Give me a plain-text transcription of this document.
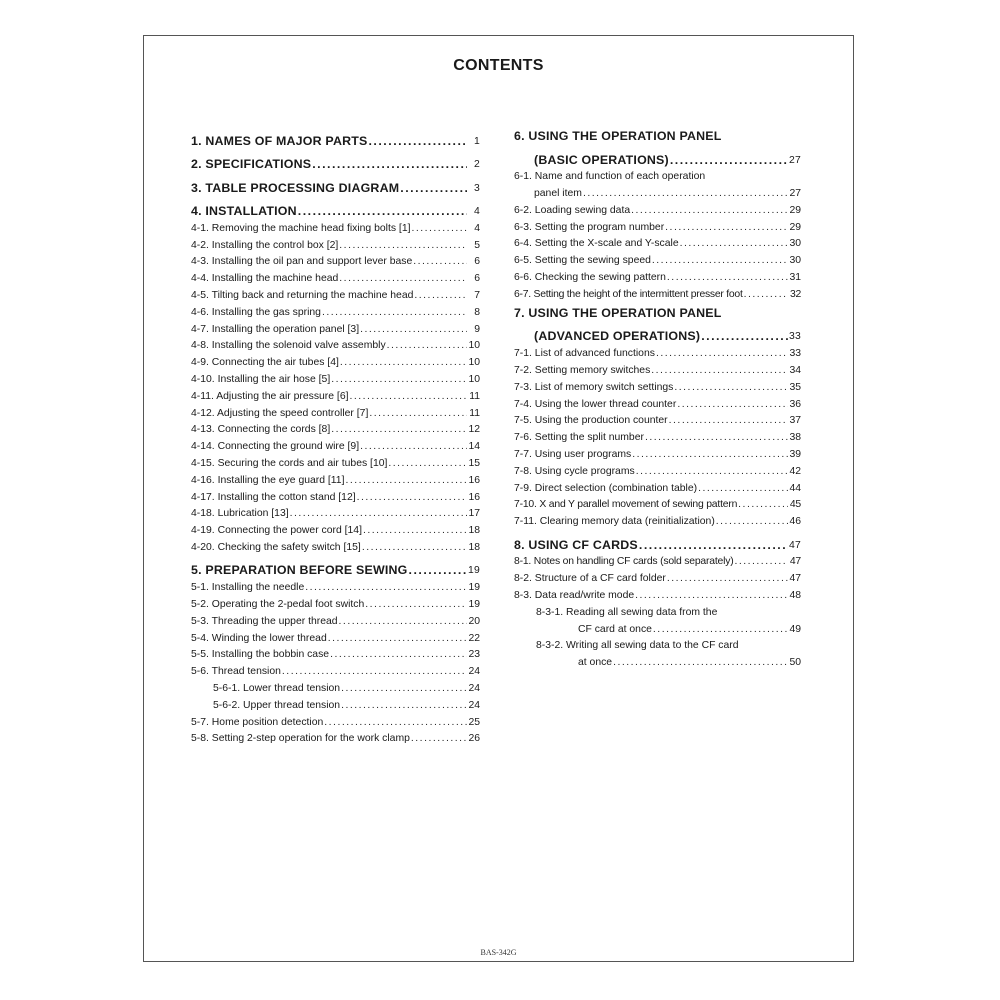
CONTENTS
1. NAMES OF MAJOR PARTS .....	1
2. SPECIFICATIONS .....	2
3. TABLE PROCESSING DIAGRAM .....	3
4. INSTALLATION .....	4
4-1. Removing the machine head fixing bolts [1] .....	4
4-2. Installing the control box [2] .....	5
4-3. Installing the oil pan and support lever base .....	6
4-4. Installing the machine head .....	6
4-5. Tilting back and returning the machine head .....	7
4-6. Installing the gas spring .....	8
4-7. Installing the operation panel [3] .....	9
4-8. Installing the solenoid valve assembly .....	10
4-9. Connecting the air tubes [4] .....	10
4-10. Installing the air hose [5] .....	10
4-11. Adjusting the air pressure [6] .....	11
4-12. Adjusting the speed controller [7] .....	11
4-13. Connecting the cords [8] .....	12
4-14. Connecting the ground wire [9] .....	14
4-15. Securing the cords and air tubes [10] .....	15
4-16. Installing the eye guard [11] .....	16
4-17. Installing the cotton stand [12] .....	16
4-18. Lubrication [13] .....	17
4-19. Connecting the power cord [14] .....	18
4-20. Checking the safety switch [15] .....	18
5. PREPARATION BEFORE SEWING .....	19
5-1. Installing the needle .....	19
5-2. Operating the 2-pedal foot switch .....	19
5-3. Threading the upper thread .....	20
5-4. Winding the lower thread .....	22
5-5. Installing the bobbin case .....	23
5-6. Thread tension .....	24
5-6-1. Lower thread tension .....	24
5-6-2. Upper thread tension .....	24
5-7. Home position detection .....	25
5-8. Setting 2-step operation for the work clamp .....	26
6. USING THE OPERATION PANEL
(BASIC OPERATIONS) .....	27
6-1. Name and function of each operation
panel item .....	27
6-2. Loading sewing data .....	29
6-3. Setting the program number .....	29
6-4. Setting the X-scale and Y-scale .....	30
6-5. Setting the sewing speed .....	30
6-6. Checking the sewing pattern .....	31
6-7. Setting the height of the intermittent presser foot .....	32
7. USING THE OPERATION PANEL
(ADVANCED OPERATIONS) .....	33
7-1. List of advanced functions .....	33
7-2. Setting memory switches .....	34
7-3. List of memory switch settings .....	35
7-4. Using the lower thread counter .....	36
7-5. Using the production counter .....	37
7-6. Setting the split number .....	38
7-7. Using user programs .....	39
7-8. Using cycle programs .....	42
7-9. Direct selection (combination table) .....	44
7-10. X and Y parallel movement of sewing pattern .....	45
7-11. Clearing memory data (reinitialization) .....	46
8. USING CF CARDS .....	47
8-1. Notes on handling CF cards (sold separately) .....	47
8-2. Structure of a CF card folder .....	47
8-3. Data read/write mode .....	48
8-3-1. Reading all sewing data from the
CF card at once .....	49
8-3-2. Writing all sewing data to the CF card
at once .....	50
BAS-342G
